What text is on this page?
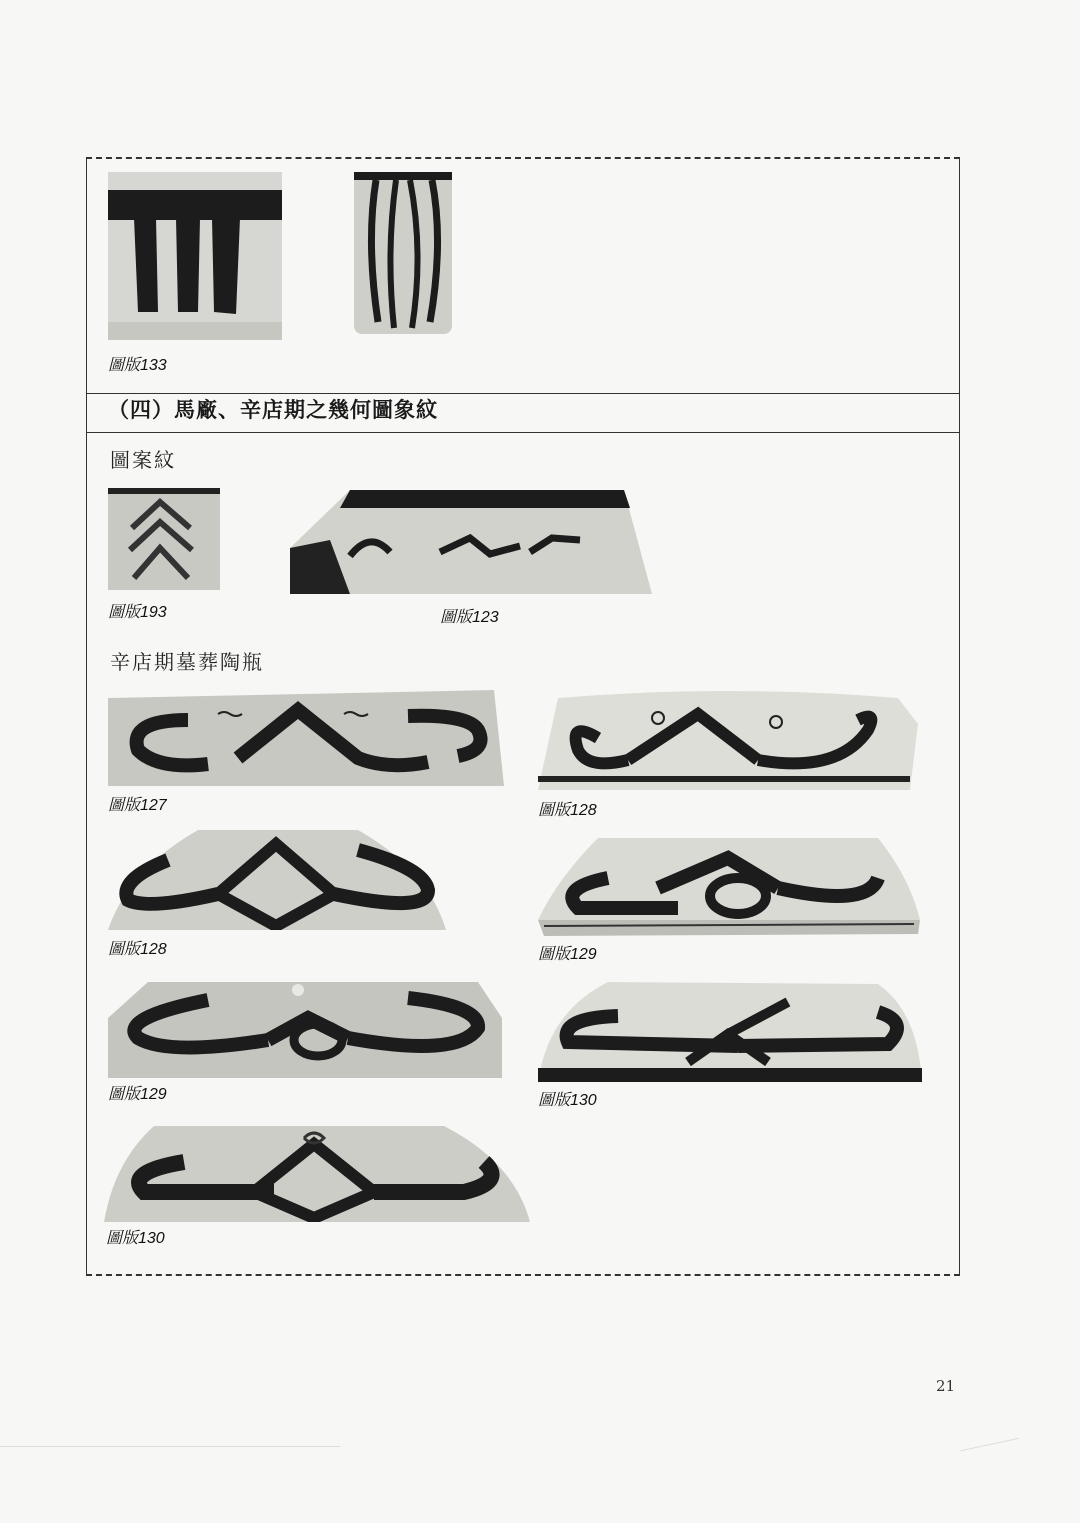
圖版133
（四）馬廠、辛店期之幾何圖象紋
圖案紋
圖版193	圖版123
辛店期墓葬陶瓶
圖版127	圖版128
圖版128	圖版129
圖版129	圖版130
圖版130
21
